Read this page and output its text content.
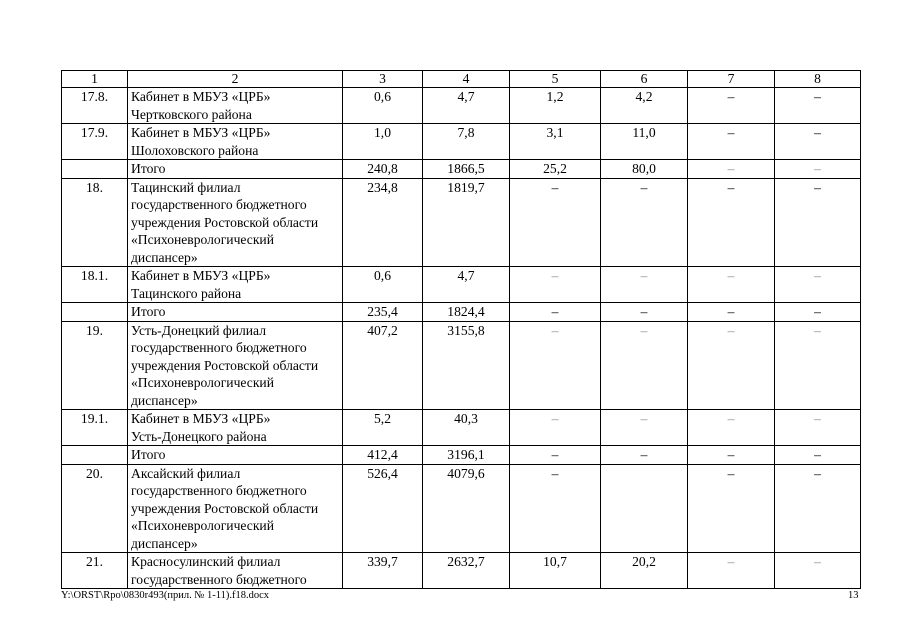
1	2	3	4	5	6	7	8
17.8.	Кабинет в МБУЗ «ЦРБ»
Чертковского района	0,6	4,7	1,2	4,2	–	–
17.9.	Кабинет в МБУЗ «ЦРБ»
Шолоховского района	1,0	7,8	3,1	11,0	–	–

	Итого	240,8	1866,5	25,2	80,0	–	–
18.	Тацинский филиал
государственного бюджетного
учреждения Ростовской области
«Психоневрологический
диспансер»	234,8	1819,7	–	–	–	–
18.1.	Кабинет в МБУЗ «ЦРБ»
Тацинского района	0,6	4,7	–	–	–	–

	Итого	235,4	1824,4	–	–	–	–
19.	Усть-Донецкий филиал
государственного бюджетного
учреждения Ростовской области
«Психоневрологический
диспансер»	407,2	3155,8	–	–	–	–
19.1.	Кабинет в МБУЗ «ЦРБ»
Усть-Донецкого района	5,2	40,3	–	–	–	–

	Итого	412,4	3196,1	–	–	–	–
20.	Аксайский филиал
государственного бюджетного
учреждения Ростовской области
«Психоневрологический
диспансер»	526,4	4079,6	–		–	–
21.	Красносулинский филиал
государственного бюджетного	339,7	2632,7	10,7	20,2	–	–
Y:\ORST\Rpo\0830r493(прил. № 1-11).f18.docx	13
